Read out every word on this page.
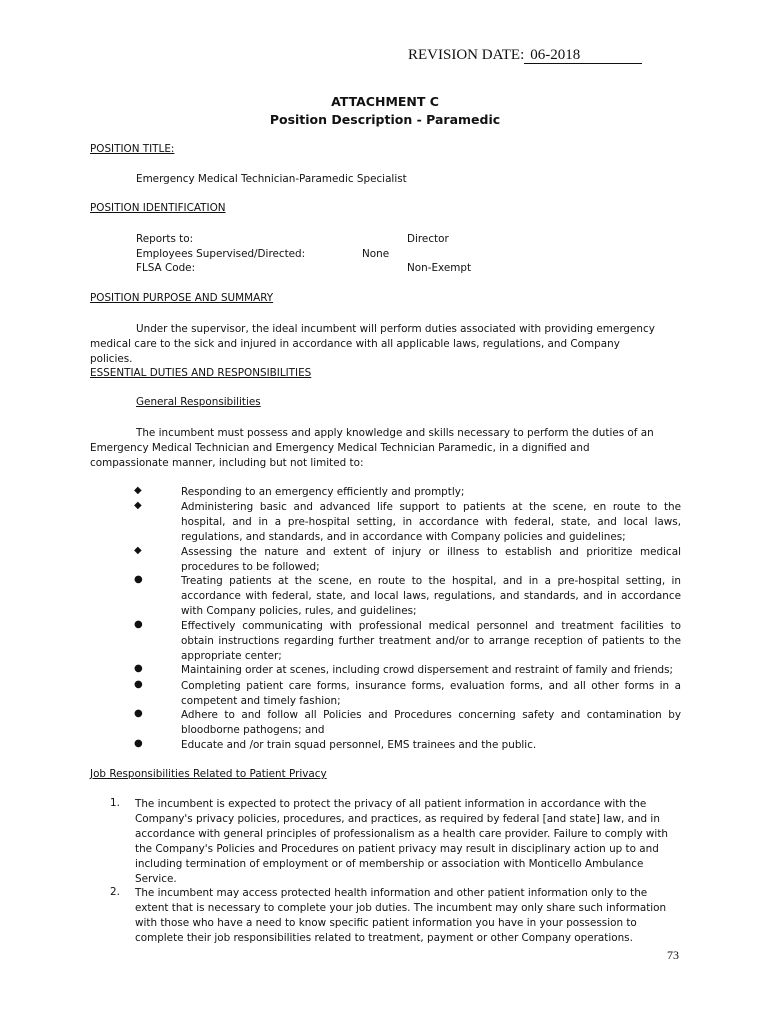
REVISION DATE: 06-2018
ATTACHMENT C
Position Description - Paramedic
POSITION TITLE:
Emergency Medical Technician-Paramedic Specialist
POSITION IDENTIFICATION
Reports to:	Director
Employees Supervised/Directed:	None
FLSA Code:	Non-Exempt
POSITION PURPOSE AND SUMMARY
Under the supervisor, the ideal incumbent will perform duties associated with providing emergency medical care to the sick and injured in accordance with all applicable laws, regulations, and Company policies.
ESSENTIAL DUTIES AND RESPONSIBILITIES
General Responsibilities
The incumbent must possess and apply knowledge and skills necessary to perform the duties of an Emergency Medical Technician and Emergency Medical Technician Paramedic, in a dignified and compassionate manner, including but not limited to:
◆	Responding to an emergency efficiently and promptly;
◆	Administering basic and advanced life support to patients at the scene, en route to the hospital, and in a pre-hospital setting, in accordance with federal, state, and local laws, regulations, and standards, and in accordance with Company policies and guidelines;
◆	Assessing the nature and extent of injury or illness to establish and prioritize medical procedures to be followed;
●	Treating patients at the scene, en route to the hospital, and in a pre-hospital setting, in accordance with federal, state, and local laws, regulations, and standards, and in accordance with Company policies, rules, and guidelines;
●	Effectively communicating with professional medical personnel and treatment facilities to obtain instructions regarding further treatment and/or to arrange reception of patients to the appropriate center;
●	Maintaining order at scenes, including crowd dispersement and restraint of family and friends;
●	Completing patient care forms, insurance forms, evaluation forms, and all other forms in a competent and timely fashion;
●	Adhere to and follow all Policies and Procedures concerning safety and contamination by bloodborne pathogens; and
●	Educate and /or train squad personnel, EMS trainees and the public.
Job Responsibilities Related to Patient Privacy
1. The incumbent is expected to protect the privacy of all patient information in accordance with the Company's privacy policies, procedures, and practices, as required by federal [and state] law, and in accordance with general principles of professionalism as a health care provider. Failure to comply with the Company's Policies and Procedures on patient privacy may result in disciplinary action up to and including termination of employment or of membership or association with Monticello Ambulance Service.
2. The incumbent may access protected health information and other patient information only to the extent that is necessary to complete your job duties. The incumbent may only share such information with those who have a need to know specific patient information you have in your possession to complete their job responsibilities related to treatment, payment or other Company operations.
73
